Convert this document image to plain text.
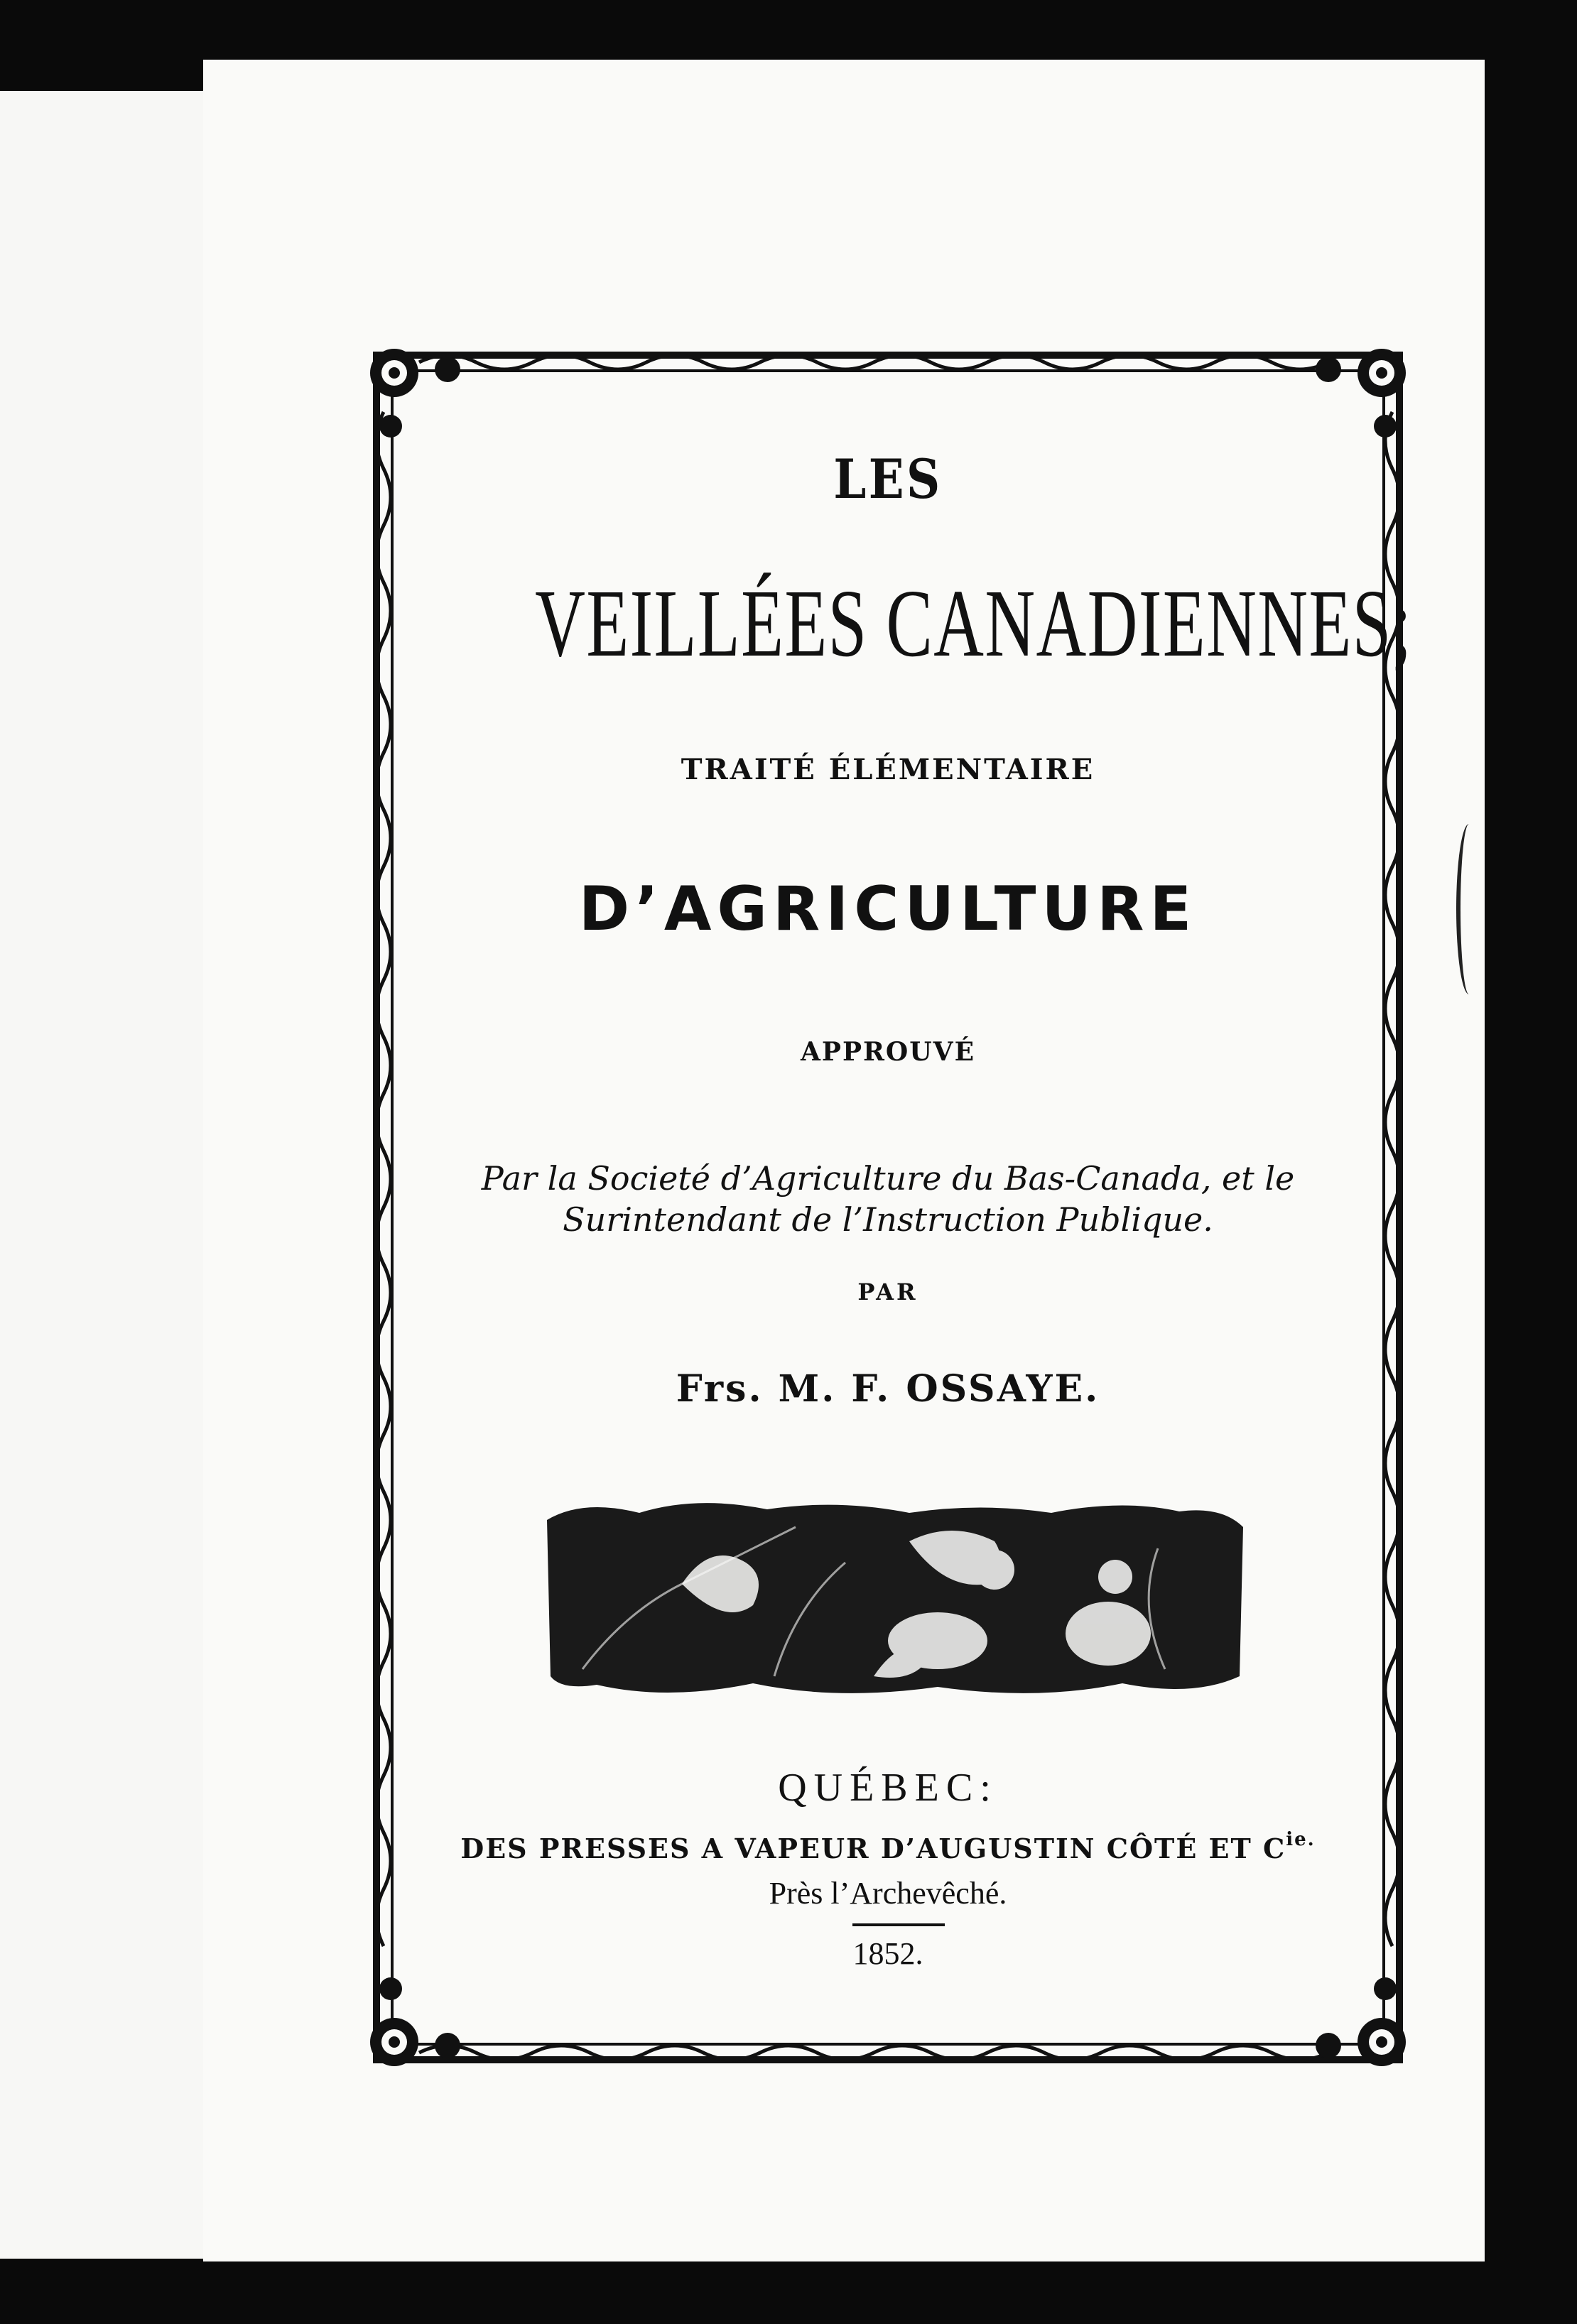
LES
VEILLÉES CANADIENNES;
TRAITÉ ÉLÉMENTAIRE
D’AGRICULTURE
APPROUVÉ
Par la Societé d’Agriculture du Bas-Canada, et le
Surintendant de l’Instruction Publique.
PAR
Frs. M. F. OSSAYE.
QUÉBEC:
DES PRESSES A VAPEUR D’AUGUSTIN CÔTÉ ET $C^{ie.}$
Près l’Archevêché.
1852.
